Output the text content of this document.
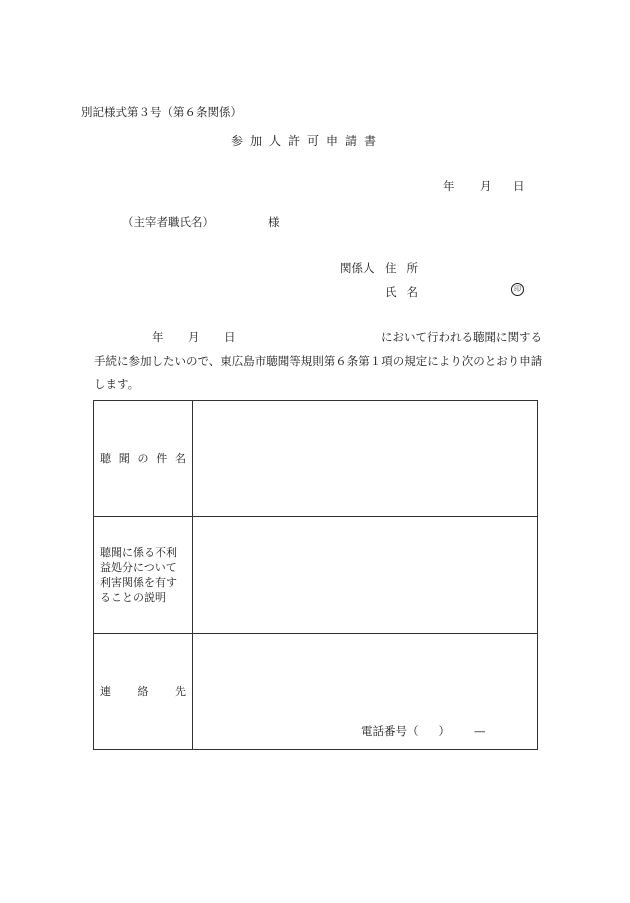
別記様式第３号（第６条関係）
参 加 人 許 可 申 請 書
年 月 日
（主宰者職氏名）	様
関係人 住所
氏名	印
年 月 日	において行われる聴聞に関する
手続に参加したいので、東広島市聴聞等規則第６条第１項の規定により次のとおり申請
します。
聴 聞 の 件 名	

聴聞に係る不利
益処分について
利害関係を有す
ることの説明	

連 絡 先	電話番号（ ） —
